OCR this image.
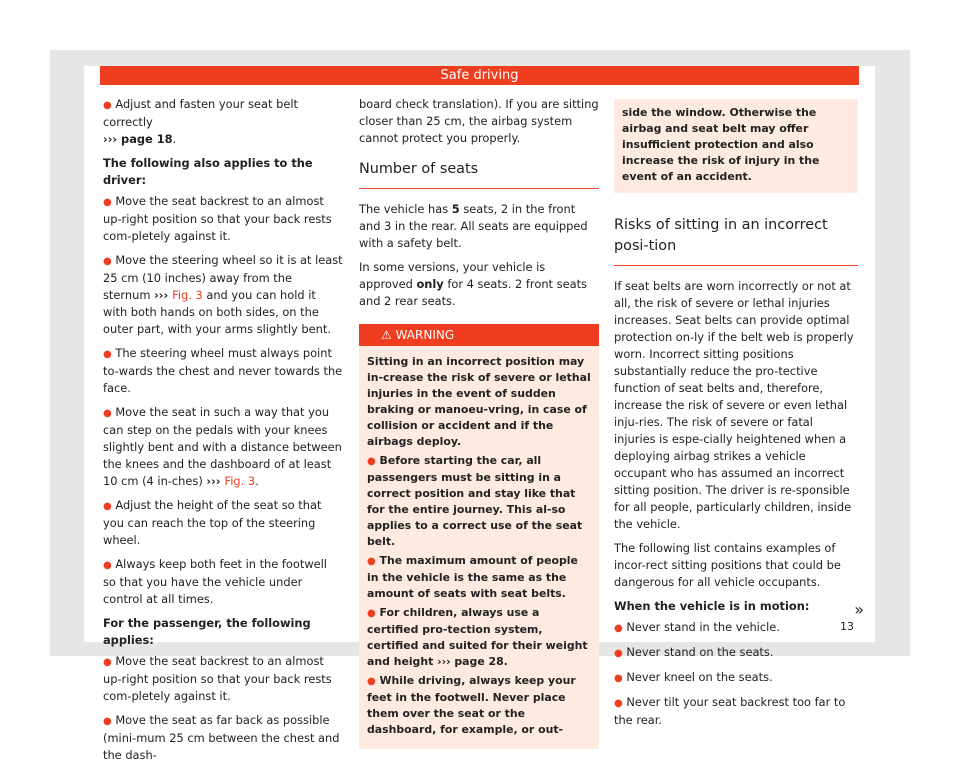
Safe driving

● Adjust and fasten your seat belt correctly
››› page 18.

The following also applies to the driver:

● Move the seat backrest to an almost up-right position so that your back rests com-pletely against it.

● Move the steering wheel so it is at least 25 cm (10 inches) away from the sternum ››› Fig. 3 and you can hold it with both hands on both sides, on the outer part, with your arms slightly bent.

● The steering wheel must always point to-wards the chest and never towards the face.

● Move the seat in such a way that you can step on the pedals with your knees slightly bent and with a distance between the knees and the dashboard of at least 10 cm (4 in-ches) ››› Fig. 3.

● Adjust the height of the seat so that you can reach the top of the steering wheel.

● Always keep both feet in the footwell so that you have the vehicle under control at all times.

For the passenger, the following applies:

● Move the seat backrest to an almost up-right position so that your back rests com-pletely against it.

● Move the seat as far back as possible (mini-mum 25 cm between the chest and the dash-

board check translation). If you are sitting closer than 25 cm, the airbag system cannot protect you properly.

Number of seats

The vehicle has 5 seats, 2 in the front and 3 in the rear. All seats are equipped with a safety belt.

In some versions, your vehicle is approved only for 4 seats. 2 front seats and 2 rear seats.

⚠ WARNING

Sitting in an incorrect position may in-crease the risk of severe or lethal injuries in the event of sudden braking or manoeu-vring, in case of collision or accident and if the airbags deploy.

● Before starting the car, all passengers must be sitting in a correct position and stay like that for the entire journey. This al-so applies to a correct use of the seat belt.

● The maximum amount of people in the vehicle is the same as the amount of seats with seat belts.

● For children, always use a certified pro-tection system, certified and suited for their weight and height ››› page 28.

● While driving, always keep your feet in the footwell. Never place them over the seat or the dashboard, for example, or out-

side the window. Otherwise the airbag and seat belt may offer insufficient protection and also increase the risk of injury in the event of an accident.
Risks of sitting in an incorrect posi-tion

If seat belts are worn incorrectly or not at all, the risk of severe or lethal injuries increases. Seat belts can provide optimal protection on-ly if the belt web is properly worn. Incorrect sitting positions substantially reduce the pro-tective function of seat belts and, therefore, increase the risk of severe or even lethal inju-ries. The risk of severe or fatal injuries is espe-cially heightened when a deploying airbag strikes a vehicle occupant who has assumed an incorrect sitting position. The driver is re-sponsible for all people, particularly children, inside the vehicle.

The following list contains examples of incor-rect sitting positions that could be dangerous for all vehicle occupants.

When the vehicle is in motion:

● Never stand in the vehicle.

● Never stand on the seats.

● Never kneel on the seats.

● Never tilt your seat backrest too far to the rear.

»
13
